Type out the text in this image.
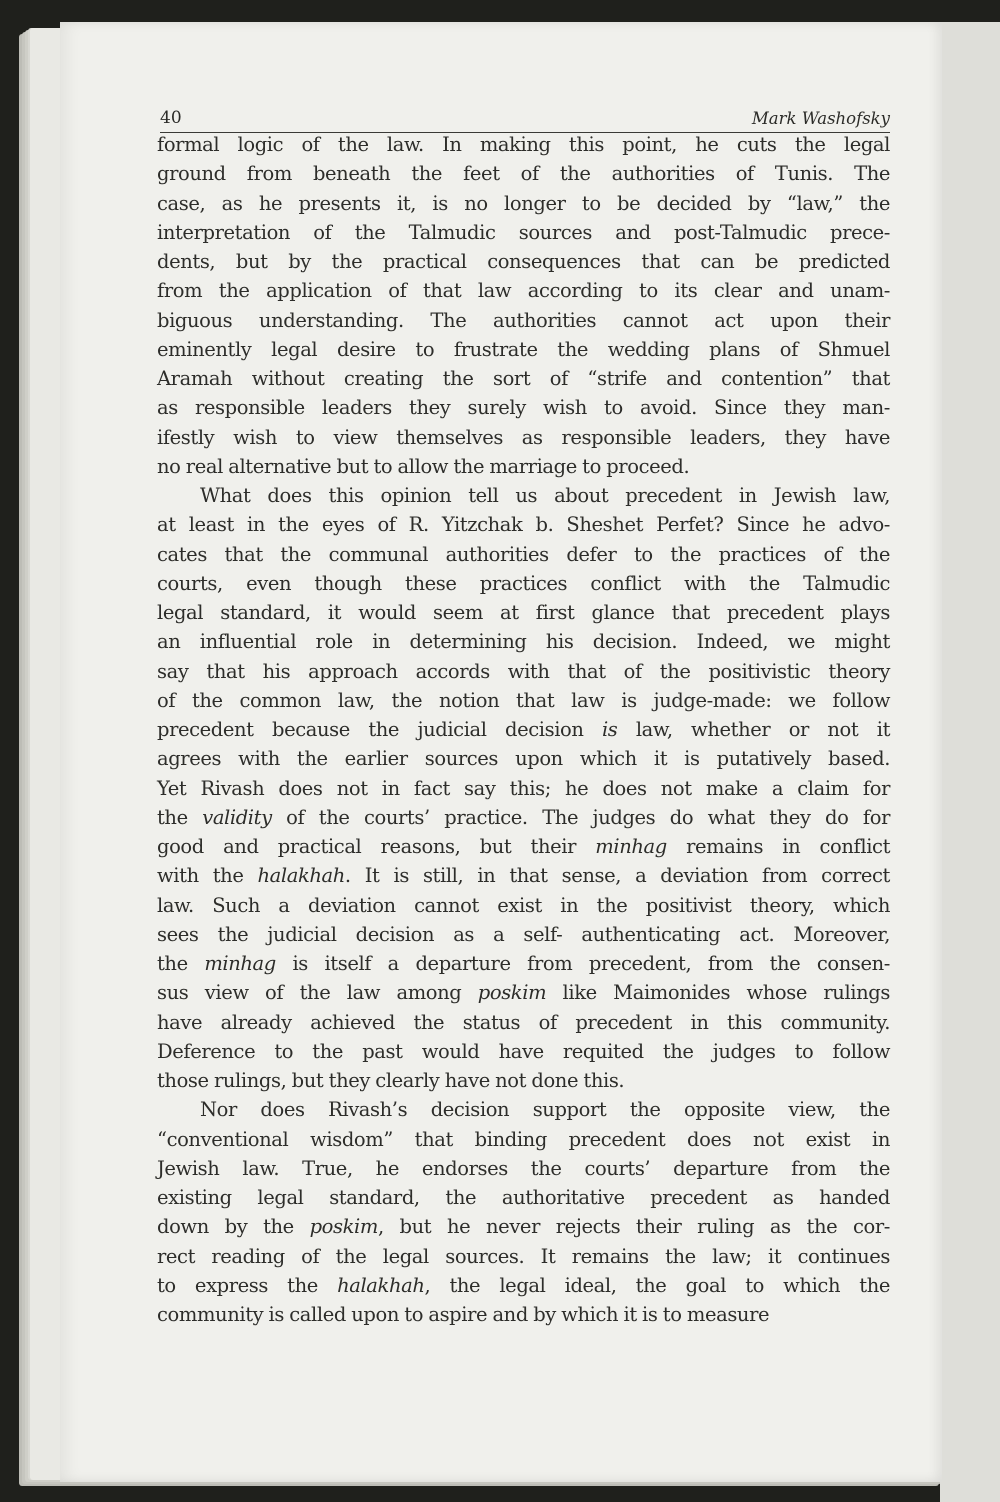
40	Mark Washofsky
formal logic of the law. In making this point, he cuts the legal
ground from beneath the feet of the authorities of Tunis. The
case, as he presents it, is no longer to be decided by “law,” the
interpretation of the Talmudic sources and post-Talmudic prece-
dents, but by the practical consequences that can be predicted
from the application of that law according to its clear and unam-
biguous understanding. The authorities cannot act upon their
eminently legal desire to frustrate the wedding plans of Shmuel
Aramah without creating the sort of “strife and contention” that
as responsible leaders they surely wish to avoid. Since they man-
ifestly wish to view themselves as responsible leaders, they have
no real alternative but to allow the marriage to proceed.
What does this opinion tell us about precedent in Jewish law,
at least in the eyes of R. Yitzchak b. Sheshet Perfet? Since he advo-
cates that the communal authorities defer to the practices of the
courts, even though these practices conflict with the Talmudic
legal standard, it would seem at first glance that precedent plays
an influential role in determining his decision. Indeed, we might
say that his approach accords with that of the positivistic theory
of the common law, the notion that law is judge-made: we follow
precedent because the judicial decision is law, whether or not it
agrees with the earlier sources upon which it is putatively based.
Yet Rivash does not in fact say this; he does not make a claim for
the validity of the courts’ practice. The judges do what they do for
good and practical reasons, but their minhag remains in conflict
with the halakhah. It is still, in that sense, a deviation from correct
law. Such a deviation cannot exist in the positivist theory, which
sees the judicial decision as a self- authenticating act. Moreover,
the minhag is itself a departure from precedent, from the consen-
sus view of the law among poskim like Maimonides whose rulings
have already achieved the status of precedent in this community.
Deference to the past would have requited the judges to follow
those rulings, but they clearly have not done this.
Nor does Rivash’s decision support the opposite view, the
“conventional wisdom” that binding precedent does not exist in
Jewish law. True, he endorses the courts’ departure from the
existing legal standard, the authoritative precedent as handed
down by the poskim, but he never rejects their ruling as the cor-
rect reading of the legal sources. It remains the law; it continues
to express the halakhah, the legal ideal, the goal to which the
community is called upon to aspire and by which it is to measure
